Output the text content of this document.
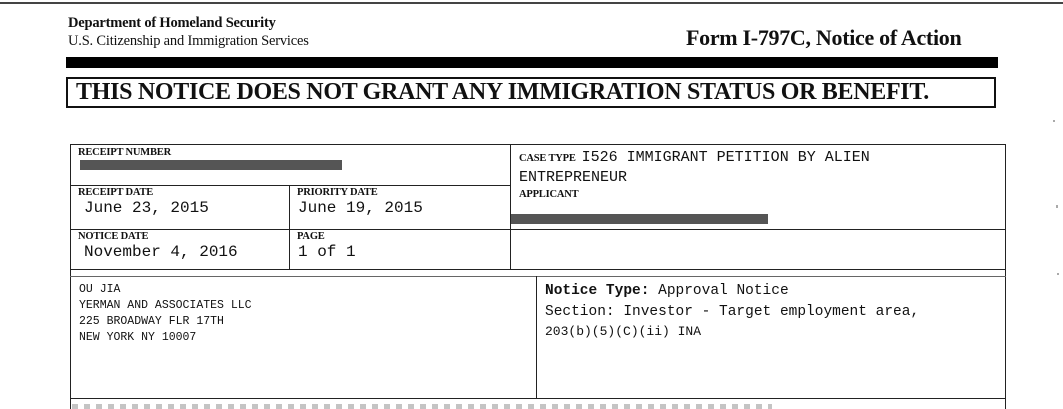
Department of Homeland Security
U.S. Citizenship and Immigration Services	Form I-797C, Notice of Action
THIS NOTICE DOES NOT GRANT ANY IMMIGRATION STATUS OR BENEFIT.
RECEIPT NUMBER
CASE TYPE I526 IMMIGRANT PETITION BY ALIEN
ENTREPRENEUR
RECEIPT DATE
June 23, 2015
PRIORITY DATE
June 19, 2015
APPLICANT
NOTICE DATE
November 4, 2016
PAGE
1 of 1
OU JIA
YERMAN AND ASSOCIATES LLC
225 BROADWAY FLR 17TH
NEW YORK NY 10007
Notice Type: Approval Notice
Section: Investor - Target employment area,
203(b)(5)(C)(ii) INA
